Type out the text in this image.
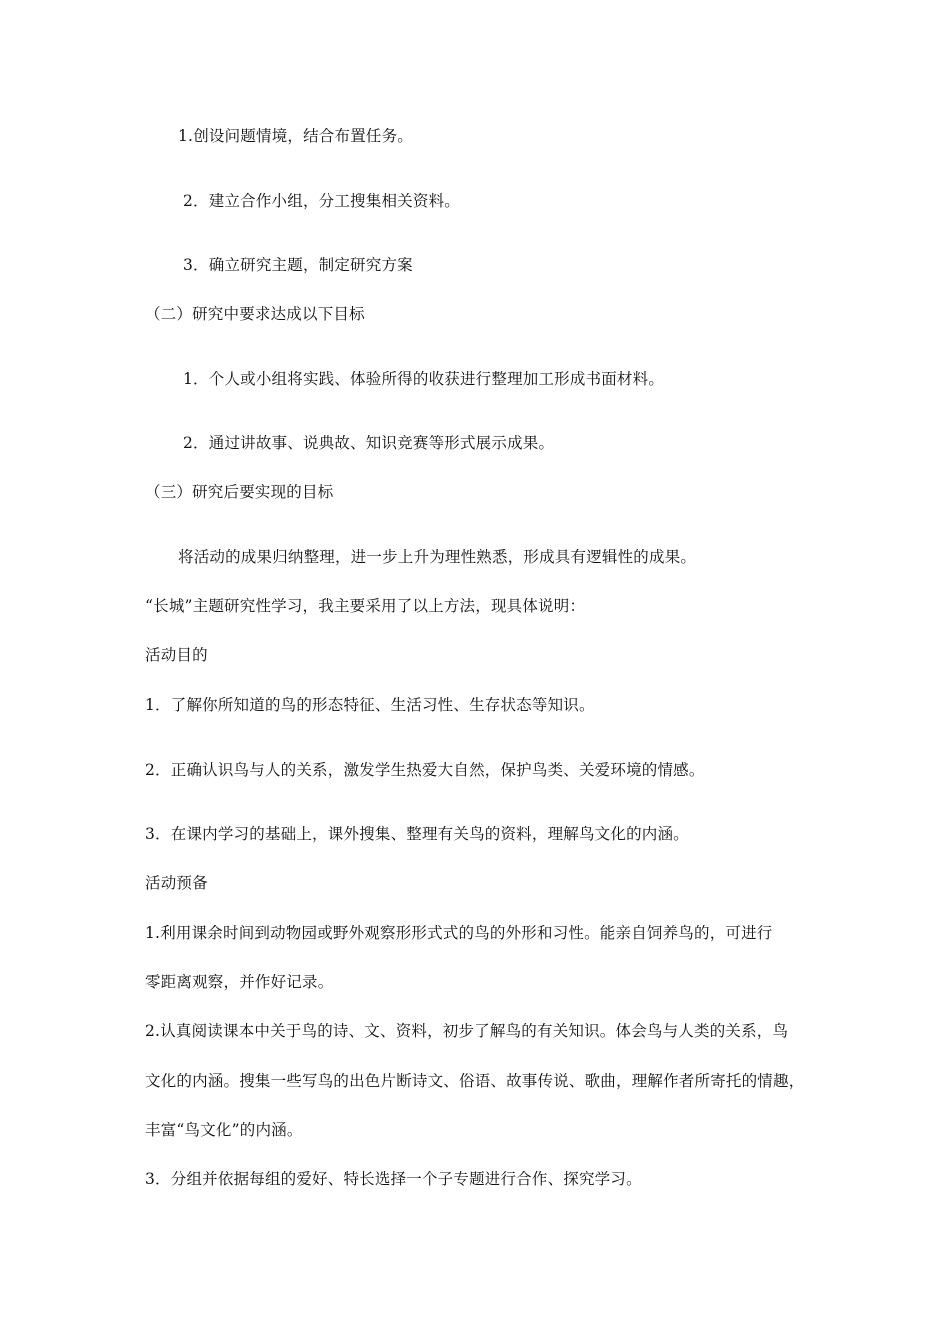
1.创设问题情境，结合布置任务。
2．建立合作小组，分工搜集相关资料。
3．确立研究主题，制定研究方案
（二）研究中要求达成以下目标
1．个人或小组将实践、体验所得的收获进行整理加工形成书面材料。
2．通过讲故事、说典故、知识竞赛等形式展示成果。
（三）研究后要实现的目标
将活动的成果归纳整理，进一步上升为理性熟悉，形成具有逻辑性的成果。
“长城”主题研究性学习，我主要采用了以上方法，现具体说明：
活动目的
1．了解你所知道的鸟的形态特征、生活习性、生存状态等知识。
2．正确认识鸟与人的关系，激发学生热爱大自然，保护鸟类、关爱环境的情感。
3．在课内学习的基础上，课外搜集、整理有关鸟的资料，理解鸟文化的内涵。
活动预备
1.利用课余时间到动物园或野外观察形形式式的鸟的外形和习性。能亲自饲养鸟的，可进行
零距离观察，并作好记录。
2.认真阅读课本中关于鸟的诗、文、资料，初步了解鸟的有关知识。体会鸟与人类的关系，鸟
文化的内涵。搜集一些写鸟的出色片断诗文、俗语、故事传说、歌曲，理解作者所寄托的情趣，
丰富“鸟文化”的内涵。
3．分组并依据每组的爱好、特长选择一个子专题进行合作、探究学习。
